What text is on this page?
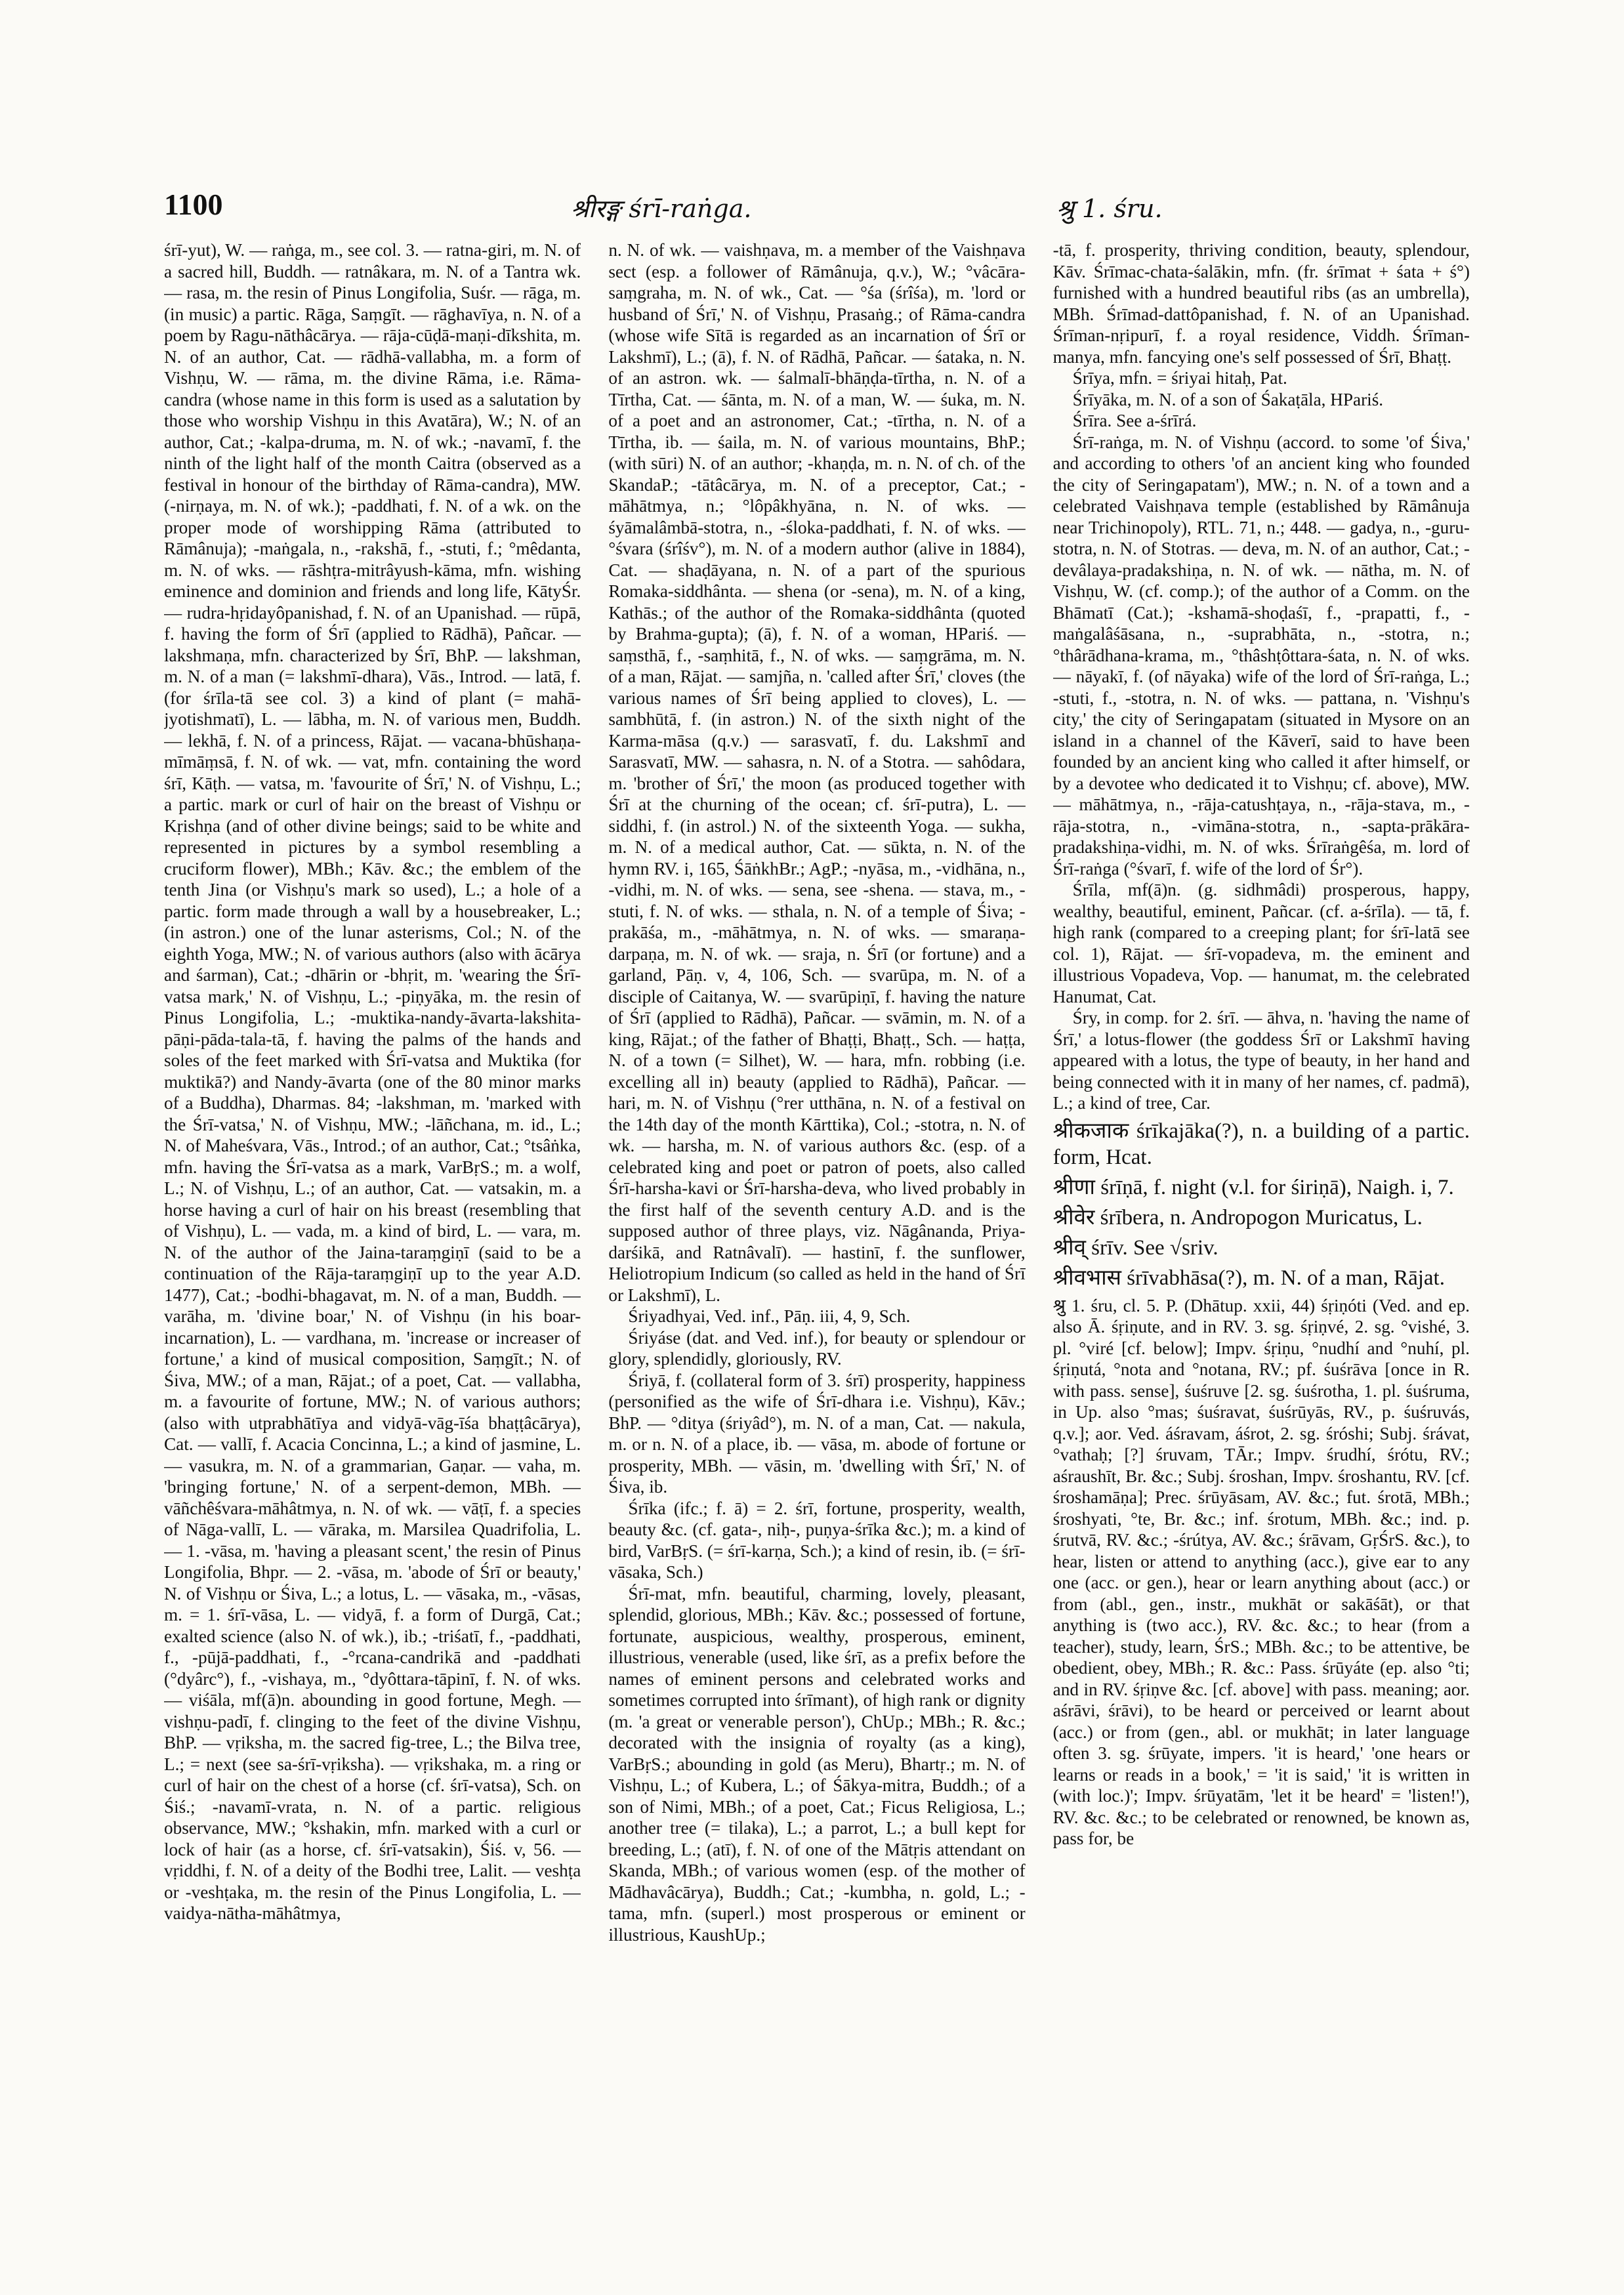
1100	श्रीरङ्ग śrī-raṅga.	श्रु 1. śru.

śrī-yut), W. — raṅga, m., see col. 3. — ratna-giri, m. N. of a sacred hill, Buddh. — ratnâkara, m. N. of a Tantra wk. — rasa, m. the resin of Pinus Longifolia, Suśr. — rāga, m. (in music) a partic. Rāga, Saṃgīt. — rāghavīya, n. N. of a poem by Ragu-nāthâcārya. — rāja-cūḍā-maṇi-dīkshita, m. N. of an author, Cat. — rādhā-vallabha, m. a form of Vishṇu, W. — rāma, m. the divine Rāma, i.e. Rāma-candra (whose name in this form is used as a salutation by those who worship Vishṇu in this Avatāra), W.; N. of an author, Cat.; -kalpa-druma, m. N. of wk.; -navamī, f. the ninth of the light half of the month Caitra (observed as a festival in honour of the birthday of Rāma-candra), MW. (-nirṇaya, m. N. of wk.); -paddhati, f. N. of a wk. on the proper mode of worshipping Rāma (attributed to Rāmânuja); -maṅgala, n., -rakshā, f., -stuti, f.; °mêdanta, m. N. of wks. — rāshṭra-mitrâyush-kāma, mfn. wishing eminence and dominion and friends and long life, KātyŚr. — rudra-hṛidayôpanishad, f. N. of an Upanishad. — rūpā, f. having the form of Śrī (applied to Rādhā), Pañcar. — lakshmaṇa, mfn. characterized by Śrī, BhP. — lakshman, m. N. of a man (= lakshmī-dhara), Vās., Introd. — latā, f. (for śrīla-tā see col. 3) a kind of plant (= mahā-jyotishmatī), L. — lābha, m. N. of various men, Buddh. — lekhā, f. N. of a princess, Rājat. — vacana-bhūshaṇa-mīmāṃsā, f. N. of wk. — vat, mfn. containing the word śrī, Kāṭh. — vatsa, m. 'favourite of Śrī,' N. of Vishṇu, L.; a partic. mark or curl of hair on the breast of Vishṇu or Kṛishṇa (and of other divine beings; said to be white and represented in pictures by a symbol resembling a cruciform flower), MBh.; Kāv. &c.; the emblem of the tenth Jina (or Vishṇu's mark so used), L.; a hole of a partic. form made through a wall by a housebreaker, L.; (in astron.) one of the lunar asterisms, Col.; N. of the eighth Yoga, MW.; N. of various authors (also with ācārya and śarman), Cat.; -dhārin or -bhṛit, m. 'wearing the Śrī-vatsa mark,' N. of Vishṇu, L.; -piṇyāka, m. the resin of Pinus Longifolia, L.; -muktika-nandy-āvarta-lakshita-pāṇi-pāda-tala-tā, f. having the palms of the hands and soles of the feet marked with Śrī-vatsa and Muktika (for muktikā?) and Nandy-āvarta (one of the 80 minor marks of a Buddha), Dharmas. 84; -lakshman, m. 'marked with the Śrī-vatsa,' N. of Vishṇu, MW.; -lāñchana, m. id., L.; N. of Maheśvara, Vās., Introd.; of an author, Cat.; °tsâṅka, mfn. having the Śrī-vatsa as a mark, VarBṛS.; m. a wolf, L.; N. of Vishṇu, L.; of an author, Cat. — vatsakin, m. a horse having a curl of hair on his breast (resembling that of Vishṇu), L. — vada, m. a kind of bird, L. — vara, m. N. of the author of the Jaina-taraṃgiṇī (said to be a continuation of the Rāja-taraṃgiṇī up to the year A.D. 1477), Cat.; -bodhi-bhagavat, m. N. of a man, Buddh. — varāha, m. 'divine boar,' N. of Vishṇu (in his boar-incarnation), L. — vardhana, m. 'increase or increaser of fortune,' a kind of musical composition, Saṃgīt.; N. of Śiva, MW.; of a man, Rājat.; of a poet, Cat. — vallabha, m. a favourite of fortune, MW.; N. of various authors; (also with utprabhātīya and vidyā-vāg-īśa bhaṭṭâcārya), Cat. — vallī, f. Acacia Concinna, L.; a kind of jasmine, L. — vasukra, m. N. of a grammarian, Gaṇar. — vaha, m. 'bringing fortune,' N. of a serpent-demon, MBh. — vāñchêśvara-māhâtmya, n. N. of wk. — vāṭī, f. a species of Nāga-vallī, L. — vāraka, m. Marsilea Quadrifolia, L. — 1. -vāsa, m. 'having a pleasant scent,' the resin of Pinus Longifolia, Bhpr. — 2. -vāsa, m. 'abode of Śrī or beauty,' N. of Vishṇu or Śiva, L.; a lotus, L. — vāsaka, m., -vāsas, m. = 1. śrī-vāsa, L. — vidyā, f. a form of Durgā, Cat.; exalted science (also N. of wk.), ib.; -triśatī, f., -paddhati, f., -pūjā-paddhati, f., -°rcana-candrikā and -paddhati (°dyârc°), f., -vishaya, m., °dyôttara-tāpinī, f. N. of wks. — viśāla, mf(ā)n. abounding in good fortune, Megh. — vishṇu-padī, f. clinging to the feet of the divine Vishṇu, BhP. — vṛiksha, m. the sacred fig-tree, L.; the Bilva tree, L.; = next (see sa-śrī-vṛiksha). — vṛikshaka, m. a ring or curl of hair on the chest of a horse (cf. śrī-vatsa), Sch. on Śiś.; -navamī-vrata, n. N. of a partic. religious observance, MW.; °kshakin, mfn. marked with a curl or lock of hair (as a horse, cf. śrī-vatsakin), Śiś. v, 56. — vṛiddhi, f. N. of a deity of the Bodhi tree, Lalit. — veshṭa or -veshṭaka, m. the resin of the Pinus Longifolia, L. — vaidya-nātha-māhâtmya,

n. N. of wk. — vaishṇava, m. a member of the Vaishṇava sect (esp. a follower of Rāmânuja, q.v.), W.; °vâcāra-saṃgraha, m. N. of wk., Cat. — °śa (śrîśa), m. 'lord or husband of Śrī,' N. of Vishṇu, Prasaṅg.; of Rāma-candra (whose wife Sītā is regarded as an incarnation of Śrī or Lakshmī), L.; (ā), f. N. of Rādhā, Pañcar. — śataka, n. N. of an astron. wk. — śalmalī-bhāṇḍa-tīrtha, n. N. of a Tīrtha, Cat. — śānta, m. N. of a man, W. — śuka, m. N. of a poet and an astronomer, Cat.; -tīrtha, n. N. of a Tīrtha, ib. — śaila, m. N. of various mountains, BhP.; (with sūri) N. of an author; -khaṇḍa, m. n. N. of ch. of the SkandaP.; -tātâcārya, m. N. of a preceptor, Cat.; -māhātmya, n.; °lôpâkhyāna, n. N. of wks. — śyāmalâmbā-stotra, n., -śloka-paddhati, f. N. of wks. — °śvara (śrîśv°), m. N. of a modern author (alive in 1884), Cat. — shaḍāyana, n. N. of a part of the spurious Romaka-siddhânta. — shena (or -sena), m. N. of a king, Kathās.; of the author of the Romaka-siddhânta (quoted by Brahma-gupta); (ā), f. N. of a woman, HPariś. — saṃsthā, f., -saṃhitā, f., N. of wks. — saṃgrāma, m. N. of a man, Rājat. — samjña, n. 'called after Śrī,' cloves (the various names of Śrī being applied to cloves), L. — sambhūtā, f. (in astron.) N. of the sixth night of the Karma-māsa (q.v.) — sarasvatī, f. du. Lakshmī and Sarasvatī, MW. — sahasra, n. N. of a Stotra. — sahôdara, m. 'brother of Śrī,' the moon (as produced together with Śrī at the churning of the ocean; cf. śrī-putra), L. — siddhi, f. (in astrol.) N. of the sixteenth Yoga. — sukha, m. N. of a medical author, Cat. — sūkta, n. N. of the hymn RV. i, 165, ŚāṅkhBr.; AgP.; -nyāsa, m., -vidhāna, n., -vidhi, m. N. of wks. — sena, see -shena. — stava, m., -stuti, f. N. of wks. — sthala, n. N. of a temple of Śiva; -prakāśa, m., -māhātmya, n. N. of wks. — smaraṇa-darpaṇa, m. N. of wk. — sraja, n. Śrī (or fortune) and a garland, Pāṇ. v, 4, 106, Sch. — svarūpa, m. N. of a disciple of Caitanya, W. — svarūpiṇī, f. having the nature of Śrī (applied to Rādhā), Pañcar. — svāmin, m. N. of a king, Rājat.; of the father of Bhaṭṭi, Bhaṭṭ., Sch. — haṭṭa, N. of a town (= Silhet), W. — hara, mfn. robbing (i.e. excelling all in) beauty (applied to Rādhā), Pañcar. — hari, m. N. of Vishṇu (°rer utthāna, n. N. of a festival on the 14th day of the month Kārttika), Col.; -stotra, n. N. of wk. — harsha, m. N. of various authors &c. (esp. of a celebrated king and poet or patron of poets, also called Śrī-harsha-kavi or Śrī-harsha-deva, who lived probably in the first half of the seventh century A.D. and is the supposed author of three plays, viz. Nāgânanda, Priya-darśikā, and Ratnâvalī). — hastinī, f. the sunflower, Heliotropium Indicum (so called as held in the hand of Śrī or Lakshmī), L.

Śriyadhyai, Ved. inf., Pāṇ. iii, 4, 9, Sch.

Śriyáse (dat. and Ved. inf.), for beauty or splendour or glory, splendidly, gloriously, RV.

Śriyā, f. (collateral form of 3. śrī) prosperity, happiness (personified as the wife of Śrī-dhara i.e. Vishṇu), Kāv.; BhP. — °ditya (śriyâd°), m. N. of a man, Cat. — nakula, m. or n. N. of a place, ib. — vāsa, m. abode of fortune or prosperity, MBh. — vāsin, m. 'dwelling with Śrī,' N. of Śiva, ib.

Śrīka (ifc.; f. ā) = 2. śrī, fortune, prosperity, wealth, beauty &c. (cf. gata-, niḥ-, puṇya-śrīka &c.); m. a kind of bird, VarBṛS. (= śrī-karṇa, Sch.); a kind of resin, ib. (= śrī-vāsaka, Sch.)

Śrī-mat, mfn. beautiful, charming, lovely, pleasant, splendid, glorious, MBh.; Kāv. &c.; possessed of fortune, fortunate, auspicious, wealthy, prosperous, eminent, illustrious, venerable (used, like śrī, as a prefix before the names of eminent persons and celebrated works and sometimes corrupted into śrīmant), of high rank or dignity (m. 'a great or venerable person'), ChUp.; MBh.; R. &c.; decorated with the insignia of royalty (as a king), VarBṛS.; abounding in gold (as Meru), Bhartṛ.; m. N. of Vishṇu, L.; of Kubera, L.; of Śākya-mitra, Buddh.; of a son of Nimi, MBh.; of a poet, Cat.; Ficus Religiosa, L.; another tree (= tilaka), L.; a parrot, L.; a bull kept for breeding, L.; (atī), f. N. of one of the Mātṛis attendant on Skanda, MBh.; of various women (esp. of the mother of Mādhavâcārya), Buddh.; Cat.; -kumbha, n. gold, L.; -tama, mfn. (superl.) most prosperous or eminent or illustrious, KaushUp.;

-tā, f. prosperity, thriving condition, beauty, splendour, Kāv. Śrīmac-chata-śalākin, mfn. (fr. śrīmat + śata + ś°) furnished with a hundred beautiful ribs (as an umbrella), MBh. Śrīmad-dattôpanishad, f. N. of an Upanishad. Śrīman-nṛipurī, f. a royal residence, Viddh. Śrīman-manya, mfn. fancying one's self possessed of Śrī, Bhaṭṭ.

Śrīya, mfn. = śriyai hitaḥ, Pat.

Śrīyāka, m. N. of a son of Śakaṭāla, HPariś.

Śrīra. See a-śrīrá.

Śrī-raṅga, m. N. of Vishṇu (accord. to some 'of Śiva,' and according to others 'of an ancient king who founded the city of Seringapatam'), MW.; n. N. of a town and a celebrated Vaishṇava temple (established by Rāmânuja near Trichinopoly), RTL. 71, n.; 448. — gadya, n., -guru-stotra, n. N. of Stotras. — deva, m. N. of an author, Cat.; -devâlaya-pradakshiṇa, n. N. of wk. — nātha, m. N. of Vishṇu, W. (cf. comp.); of the author of a Comm. on the Bhāmatī (Cat.); -kshamā-shoḍaśī, f., -prapatti, f., -maṅgalâśāsana, n., -suprabhāta, n., -stotra, n.; °thârādhana-krama, m., °thâshṭôttara-śata, n. N. of wks. — nāyakī, f. (of nāyaka) wife of the lord of Śrī-raṅga, L.; -stuti, f., -stotra, n. N. of wks. — pattana, n. 'Vishṇu's city,' the city of Seringapatam (situated in Mysore on an island in a channel of the Kāverī, said to have been founded by an ancient king who called it after himself, or by a devotee who dedicated it to Vishṇu; cf. above), MW. — māhātmya, n., -rāja-catushṭaya, n., -rāja-stava, m., -rāja-stotra, n., -vimāna-stotra, n., -sapta-prākāra-pradakshiṇa-vidhi, m. N. of wks. Śrīraṅgêśa, m. lord of Śrī-raṅga (°śvarī, f. wife of the lord of Śr°).

Śrīla, mf(ā)n. (g. sidhmâdi) prosperous, happy, wealthy, beautiful, eminent, Pañcar. (cf. a-śrīla). — tā, f. high rank (compared to a creeping plant; for śrī-latā see col. 1), Rājat. — śrī-vopadeva, m. the eminent and illustrious Vopadeva, Vop. — hanumat, m. the celebrated Hanumat, Cat.

Śry, in comp. for 2. śrī. — āhva, n. 'having the name of Śrī,' a lotus-flower (the goddess Śrī or Lakshmī having appeared with a lotus, the type of beauty, in her hand and being connected with it in many of her names, cf. padmā), L.; a kind of tree, Car.

श्रीकजाक śrīkajāka(?), n. a building of a partic. form, Hcat.

श्रीणा śrīṇā, f. night (v.l. for śiriṇā), Naigh. i, 7.

श्रीवेर śrībera, n. Andropogon Muricatus, L.

श्रीव् śrīv. See √sriv.

श्रीवभास śrīvabhāsa(?), m. N. of a man, Rājat.

श्रु 1. śru, cl. 5. P. (Dhātup. xxii, 44) śṛiṇóti (Ved. and ep. also Ā. śṛiṇute, and in RV. 3. sg. śṛiṇvé, 2. sg. °vishé, 3. pl. °viré [cf. below]; Impv. śṛiṇu, °nudhí and °nuhí, pl. śṛiṇutá, °nota and °notana, RV.; pf. śuśrāva [once in R. with pass. sense], śuśruve [2. sg. śuśrotha, 1. pl. śuśruma, in Up. also °mas; śuśravat, śuśrūyās, RV., p. śuśruvás, q.v.]; aor. Ved. áśravam, áśrot, 2. sg. śróshi; Subj. śrávat, °vathaḥ; [?] śruvam, TĀr.; Impv. śrudhí, śrótu, RV.; aśraushīt, Br. &c.; Subj. śroshan, Impv. śroshantu, RV. [cf. śroshamāṇa]; Prec. śrūyāsam, AV. &c.; fut. śrotā, MBh.; śroshyati, °te, Br. &c.; inf. śrotum, MBh. &c.; ind. p. śrutvā, RV. &c.; -śrútya, AV. &c.; śrāvam, GṛŚrS. &c.), to hear, listen or attend to anything (acc.), give ear to any one (acc. or gen.), hear or learn anything about (acc.) or from (abl., gen., instr., mukhāt or sakāśāt), or that anything is (two acc.), RV. &c. &c.; to hear (from a teacher), study, learn, ŚrS.; MBh. &c.; to be attentive, be obedient, obey, MBh.; R. &c.: Pass. śrūyáte (ep. also °ti; and in RV. śṛiṇve &c. [cf. above] with pass. meaning; aor. aśrāvi, śrāvi), to be heard or perceived or learnt about (acc.) or from (gen., abl. or mukhāt; in later language often 3. sg. śrūyate, impers. 'it is heard,' 'one hears or learns or reads in a book,' = 'it is said,' 'it is written in (with loc.)'; Impv. śrūyatām, 'let it be heard' = 'listen!'), RV. &c. &c.; to be celebrated or renowned, be known as, pass for, be
